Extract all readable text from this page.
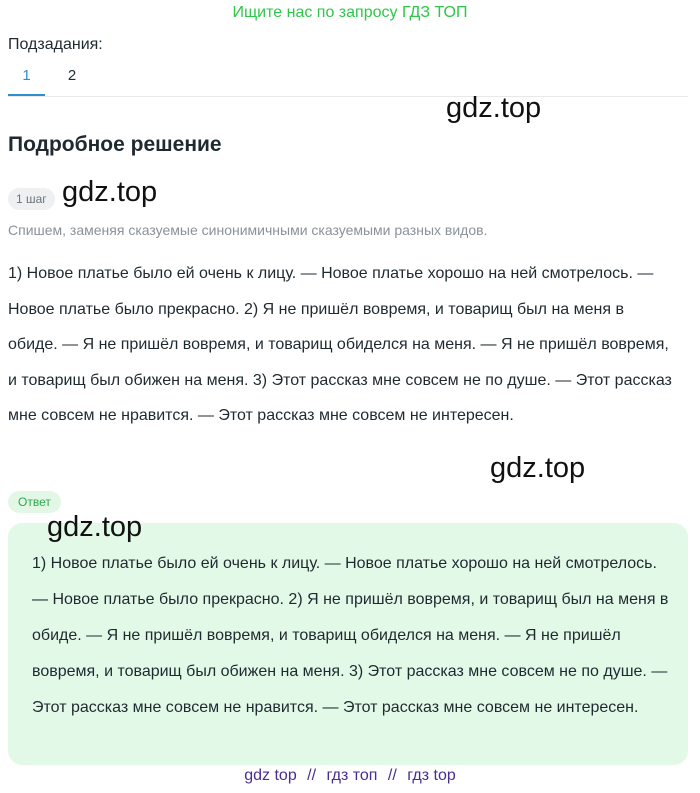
Ищите нас по запросу ГДЗ ТОП
Подзадания:
1	2
gdz.top
Подробное решение
1 шаг gdz.top
Спишем, заменяя сказуемые синонимичными сказуемыми разных видов.
1) Новое платье было ей очень к лицу. — Новое платье хорошо на ней смотрелось. — Новое платье было прекрасно. 2) Я не пришёл вовремя, и товарищ был на меня в обиде. — Я не пришёл вовремя, и товарищ обиделся на меня. — Я не пришёл вовремя, и товарищ был обижен на меня. 3) Этот рассказ мне совсем не по душе. — Этот рассказ мне совсем не нравится. — Этот рассказ мне совсем не интересен.
gdz.top
Ответ
gdz.top
1) Новое платье было ей очень к лицу. — Новое платье хорошо на ней смотрелось. — Новое платье было прекрасно. 2) Я не пришёл вовремя, и товарищ был на меня в обиде. — Я не пришёл вовремя, и товарищ обиделся на меня. — Я не пришёл вовремя, и товарищ был обижен на меня. 3) Этот рассказ мне совсем не по душе. — Этот рассказ мне совсем не нравится. — Этот рассказ мне совсем не интересен.
gdz top // гдз топ // гдз top
